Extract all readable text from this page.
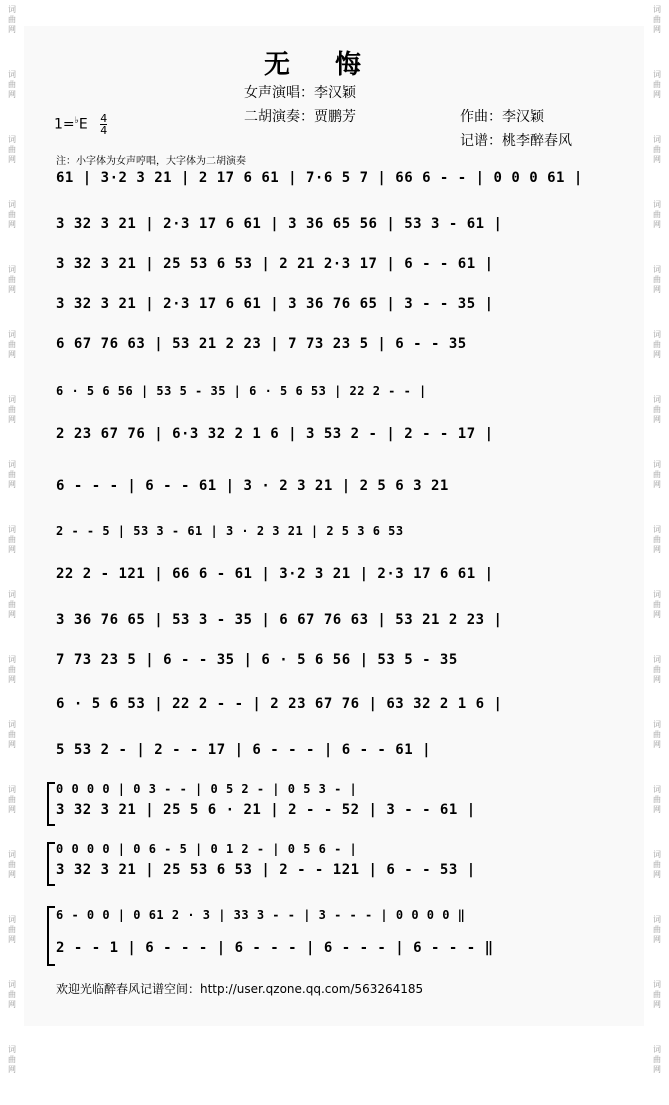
词
曲
网
词
曲
网
词
曲
网
词
曲
网
词
曲
网
词
曲
网
词
曲
网
词
曲
网
词
曲
网
词
曲
网
词
曲
网
词
曲
网
词
曲
网
词
曲
网
词
曲
网
词
曲
网
词
曲
网
词
曲
网
词
曲
网
词
曲
网
词
曲
网
词
曲
网
词
曲
网
词
曲
网
词
曲
网
词
曲
网
词
曲
网
词
曲
网
词
曲
网
词
曲
网
词
曲
网
词
曲
网
词
曲
网
词
曲
网
无 悔
女声演唱：李汉颖
二胡演奏：贾鹏芳	作曲：李汉颖
记谱：桃李醉春风
$1=^♭E \frac{4}{4}$
注：小字体为女声哼唱，大字体为二胡演奏
61 | 3·2 3 21 | 2 17 6 61 | 7·6 5 7 | 66 6 - - | 0 0 0 61 |
3 32 3 21 | 2·3 17 6 61 | 3 36 65 56 | 53 3 - 61 |
3 32 3 21 | 25 53 6 53 | 2 21 2·3 17 | 6 - - 61 |
3 32 3 21 | 2·3 17 6 61 | 3 36 76 65 | 3 - - 35 |
6 67 76 63 | 53 21 2 23 | 7 73 23 5 | 6 - - 35
6 · 5 6 56 | 53 5 - 35 | 6 · 5 6 53 | 22 2 - - |
2 23 67 76 | 6·3 32 2 1 6 | 3 53 2 - | 2 - - 17 |
6 - - - | 6 - - 61 | 3 · 2 3 21 | 2 5 6 3 21
2 - - 5 | 53 3 - 61 | 3 · 2 3 21 | 2 5 3 6 53
22 2 - 121 | 66 6 - 61 | 3·2 3 21 | 2·3 17 6 61 |
3 36 76 65 | 53 3 - 35 | 6 67 76 63 | 53 21 2 23 |
7 73 23 5 | 6 - - 35 | 6 · 5 6 56 | 53 5 - 35
6 · 5 6 53 | 22 2 - - | 2 23 67 76 | 63 32 2 1 6 |
5 53 2 - | 2 - - 17 | 6 - - - | 6 - - 61 |
0 0 0 0 | 0 3 - - | 0 5 2 - | 0 5 3 - |
3 32 3 21 | 25 5 6 · 21 | 2 - - 52 | 3 - - 61 |
0 0 0 0 | 0 6 - 5 | 0 1 2 - | 0 5 6 - |
3 32 3 21 | 25 53 6 53 | 2 - - 121 | 6 - - 53 |
6 - 0 0 | 0 61 2 · 3 | 33 3 - - | 3 - - - | 0 0 0 0 ‖
2 - - 1 | 6 - - - | 6 - - - | 6 - - - | 6 - - - ‖
欢迎光临醉春风记谱空间：http://user.qzone.qq.com/563264185
